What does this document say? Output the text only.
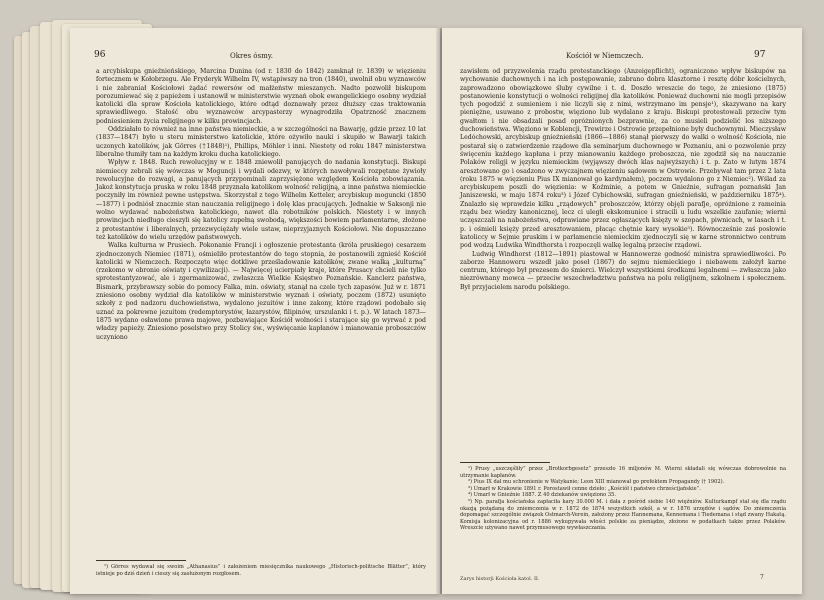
96	Okres ósmy.

a arcybiskupa gnieźnieńskiego, Marcina Dunina (od r. 1830 do 1842) zamknął (r. 1839) w więzieniu fortecznem w Kołobrzegu. Ale Fryderyk Wilhelm IV, wstąpiwszy na tron (1840), uwolnił obu wyznawców i nie zabraniał Kościołowi żądać rewersów od małżeństw mieszanych. Nadto pozwolił biskupom porozumiewać się z papieżem i ustanowił w ministerstwie wyznań obok ewangelickiego osobny wydział katolicki dla spraw Kościoła katolickiego, które odtąd doznawały przez dłuższy czas traktowania sprawiedliwego. Stałość obu wyznawców arcypasterzy wynagrodziła Opatrzność znacznem podniesieniem życia religijnego w kilku prowincjach.

Oddziałało to również na inne państwa niemieckie, a w szczególności na Bawarję, gdzie przez 10 lat (1837—1847) było u steru ministerstwo katolickie, które ożywiło nauki i skupiło w Bawarji takich uczonych katolików, jak Görres (†1848)¹), Phillips, Möhler i inni. Niestety od roku 1847 ministerstwa liberalne tłumiły tam na każdym kroku ducha katolickiego.

Wpływ r. 1848. Ruch rewolucyjny w r. 1848 zniewolił panujących do nadania konstytucji. Biskupi niemieccy zebrali się wówczas w Moguncji i wydali odezwy, w których nawoływali rozpętane żywioły rewolucyjne do rozwagi, a panujących przypominali zaprzysiężone względem Kościoła zobowiązania. Jakoż konstytucja pruska w roku 1848 przyznała katolikom wolność religijną, a inne państwa niemieckie poczyniły im również pewne ustępstwa. Skorzystał z tego Wilhelm Ketteler, arcybiskup moguncki (1850—1877) i podniósł znacznie stan nauczania religijnego i dolę klas pracujących. Jednakie w Saksonji nie wolno wydawać nabożeństwa katolickiego, nawet dla robotników polskich. Niestety i w innych prowincjach niedługo cieszyli się katolicy zupełną swobodą, większości bowiem parlamentarne, złożone z protestantów i liberalnych, przezwyciężały wiele ustaw, nieprzyjaznych Kościołowi. Nie dopuszczano też katolików do wielu urzędów państwowych.

Walka kulturna w Prusiech. Pokonanie Francji i ogłoszenie protestanta (króla pruskiego) cesarzem zjednoczonych Niemiec (1871), ośmieliło protestantów do tego stopnia, że postanowili zgnieść Kościół katolicki w Niemczech. Rozpoczęto więc dotkliwe prześladowanie katolików, zwane walką „kulturną” (rzekomo w obronie oświaty i cywilizacji). — Najwięcej ucierpiały kraje, które Prusacy chcieli nie tylko sprotestantyzować, ale i zgermanizować, zwłaszcza Wielkie Księstwo Poznańskie. Kanclerz państwa, Bismark, przybrawszy sobie do pomocy Falka, min. oświaty, stanął na czele tych zapasów. Już w r. 1871 zniesiono osobny wydział dla katolików w ministerstwie wyznań i oświaty, poczem (1872) usunięto szkoły z pod nadzoru duchowieństwa, wydalono jezuitów i inne zakony, które rządowi podobało się uznać za pokrewne jezuitom (redemptorystów, łazarystów, filipinów, urszulanki i t. p.). W latach 1873—1875 wydano osławione prawa majowe, pozbawiające Kościół wolności i starające się go wyrwać z pod władzy papieży. Zniesiono poselstwo przy Stolicy św., wyświęcanie kapłanów i mianowanie proboszczów uczyniono

¹) Görres wydawał się swoim „Athanasius” i założeniem miesięcznika naukowego „Historisch-politische Blätter”, który istnieje po dziś dzień i cieszy się zasłużonym rozgłosem.

Kościół w Niemczech.	97

zawisłem od przyzwolenia rządu protestanckiego (Anzeigepflicht), ograniczono wpływ biskupów na wychowanie duchownych i na ich postępowanie, zabrano dobra klasztorne i resztę dóbr kościelnych, zaprowadzono obowiązkowe śluby cywilne i t. d. Doszło wreszcie do tego, że zniesiono (1875) postanowienie konstytucji o wolności religijnej dla katolików. Ponieważ duchowni nie mogli przepisów tych pogodzić z sumieniem i nie liczyli się z nimi, wstrzymano im pensje¹), skazywano na kary pieniężne, usuwano z probostw, więziono lub wydalano z kraju. Biskupi protestowali przeciw tym gwałtom i nie obsadzali posad opróżnionych bezprawnie, za co musieli podzielić los niższego duchowieństwa. Więziono w Koblencji, Trewirze i Ostrowie przepełnione były duchownymi. Mieczysław Ledóchowski, arcybiskup gnieźnieński (1866—1886) stanął pierwszy do walki o wolność Kościoła, nie postarał się o zatwierdzenie rządowe dla seminarjum duchownego w Poznaniu, ani o pozwolenie przy święceniu każdego kapłana i przy mianowaniu każdego proboszcza, nie zgodził się na nauczanie Polaków religji w języku niemieckim (wyjąwszy dwóch klas najwyższych) i t. p. Zato w lutym 1874 aresztowano go i osadzono w zwyczajnem więzieniu sądowem w Ostrowie. Przebywał tam przez 2 lata (roku 1875 w więzieniu Pius IX mianował go kardynałem), poczem wydalono go z Niemiec²). Wślad za arcybiskupem poszli do więzienia: w Koźminie, a potem w Gnieźnie, sufragan poznański Jan Janiszewski, w maju 1874 roku³) i Józef Cybichowski, sufragan gnieźnieński, w październiku 1875⁴). Znalazło się wprawdzie kilku „rządowych” proboszczów, którzy objęli parafje, opróżnione z rameinia rządu bez wiedzy kanonicznej, lecz ci uległi ekskomunice i stracili u ludu wszelkie zaufanie; wierni uczęszczali na nabożeństwa, odprawiane przez ogłaszących księży w szopach, piwnicach, w lasach i t. p. i ośmieli księży przed aresztowaniem, płacąc chętnie kary wysokie⁵). Równocześnie zaś posłowie katoliccy w Sejmie pruskim i w parlamencie niemieckim zjednoczyli się w karne stronnictwo centrum pod wodzą Ludwika Windthorsta i rozpoczęli walkę legalną przeciw rządowi.

Ludwig Windhorst (1812—1891) piastował w Hannowerze godność ministra sprawiedliwości. Po zaborze Hannoweru wszedł jako poseł (1867) do sejmu niemieckiego i niebawem założył karne centrum, którego był prezesem do śmierci. Wielczył wszystkiemi środkami legalnemi — zwłaszcza jako niezrównany mowca — przeciw wszechwładztwu państwa na polu religijnem, szkolnem i społecznem. Był przyjacielem narodu polskiego.

¹) Prusy „uszczęśliły” przez „Brotkorbgesetz” przeszło 16 miljonów M. Wierni składali się wówczas dobrowolnie na utrzymanie kapłanów.

²) Pius IX dał mu schronienie w Watykanie; Leon XIII mianował go prefektem Propagandy († 1902).

³) Umarł w Krakowie 1891 r. Porostawił cenne dzieło: „Kościół i państwo chrześcijańskie”.

⁴) Umarł w Gnieźnie 1887. Z 40 dziekanów uwięziono 35.

⁵) Np. parafja kościańska zapłaciła kary 30.000 M. i dała z pośród siebie 140 więźniów. Kulturkampf stał się dla rządu okazją pożądaną do zniemczenia w r. 1872 do 1874 wszystkich szkół, a w r. 1876 urzędów i sądów. Do zniemczenia dopomagać szczególnie związek Ostmarch-Verein, założony przez Hannemana, Kennemana i Tiedemana i stąd zwany Hakatą. Komisja kolonizacyjna od r. 1886 wykupywała włości polskie za pieniądze, złożone w podatkach także przez Polaków. Wreszcie używano nawet przymusowego wywłaszczania.

Zarys historji Kościoła katol. II.	7
